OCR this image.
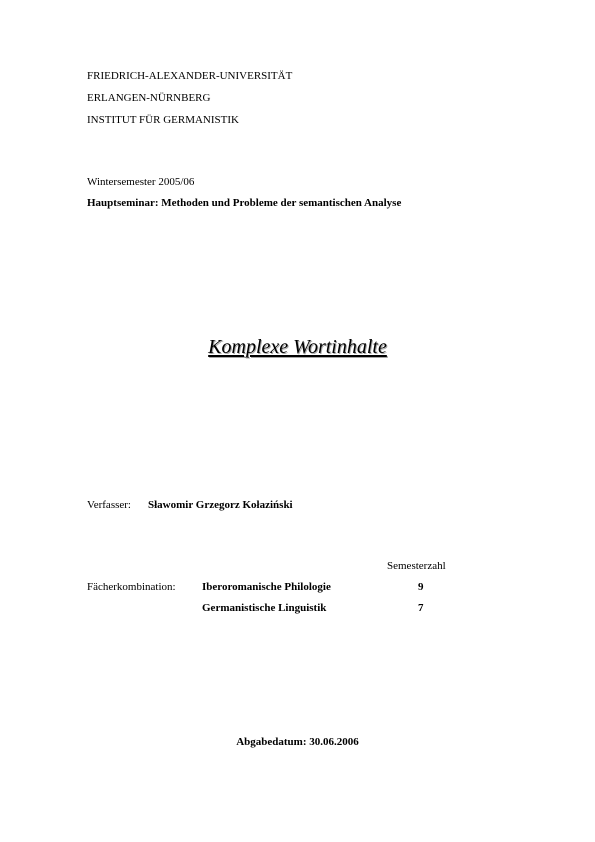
FRIEDRICH-ALEXANDER-UNIVERSITÄT
ERLANGEN-NÜRNBERG
INSTITUT FÜR GERMANISTIK
Wintersemester 2005/06
Hauptseminar: Methoden und Probleme der semantischen Analyse
Komplexe Wortinhalte
Verfasser: Sławomir Grzegorz Kołaziński
Semesterzahl
Fächerkombination: Iberoromanische Philologie	9
Germanistische Linguistik	7
Abgabedatum: 30.06.2006
